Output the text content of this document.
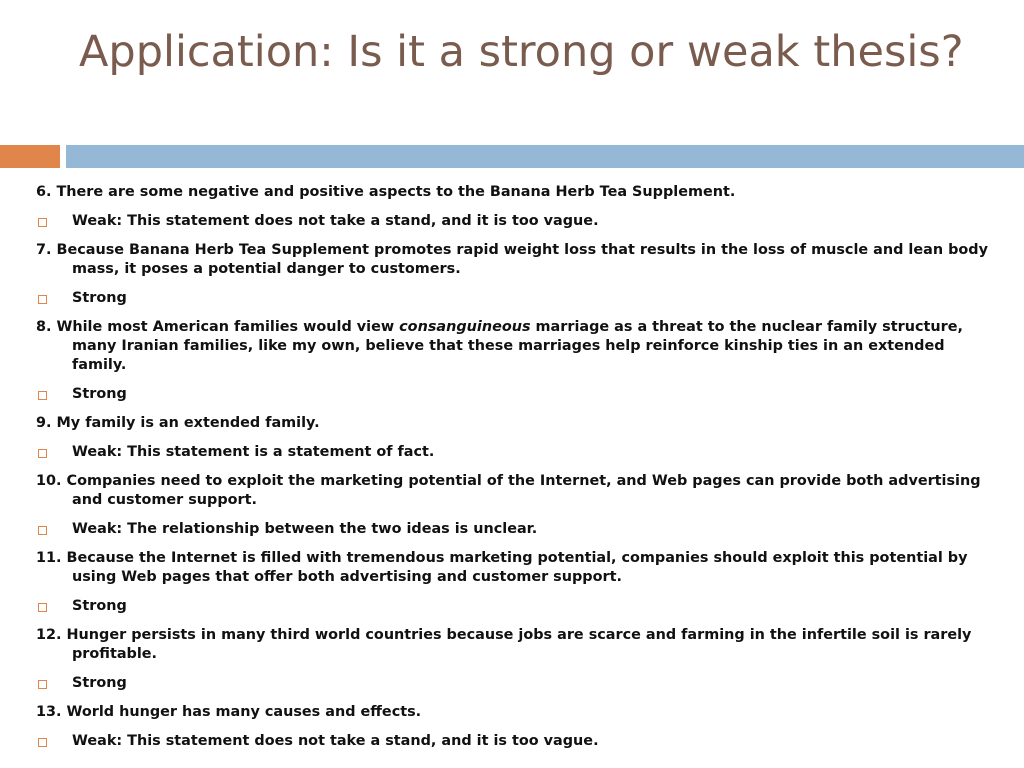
Application: Is it a strong or weak thesis?

6. There are some negative and positive aspects to the Banana Herb Tea Supplement.

Weak: This statement does not take a stand, and it is too vague.

7. Because Banana Herb Tea Supplement promotes rapid weight loss that results in the loss of muscle and lean body mass, it poses a potential danger to customers.

Strong

8. While most American families would view consanguineous marriage as a threat to the nuclear family structure, many Iranian families, like my own, believe that these marriages help reinforce kinship ties in an extended family.

Strong

9. My family is an extended family.

Weak: This statement is a statement of fact.

10. Companies need to exploit the marketing potential of the Internet, and Web pages can provide both advertising and customer support.

Weak: The relationship between the two ideas is unclear.

11. Because the Internet is filled with tremendous marketing potential, companies should exploit this potential by using Web pages that offer both advertising and customer support.

Strong

12. Hunger persists in many third world countries because jobs are scarce and farming in the infertile soil is rarely profitable.

Strong

13. World hunger has many causes and effects.

Weak: This statement does not take a stand, and it is too vague.
